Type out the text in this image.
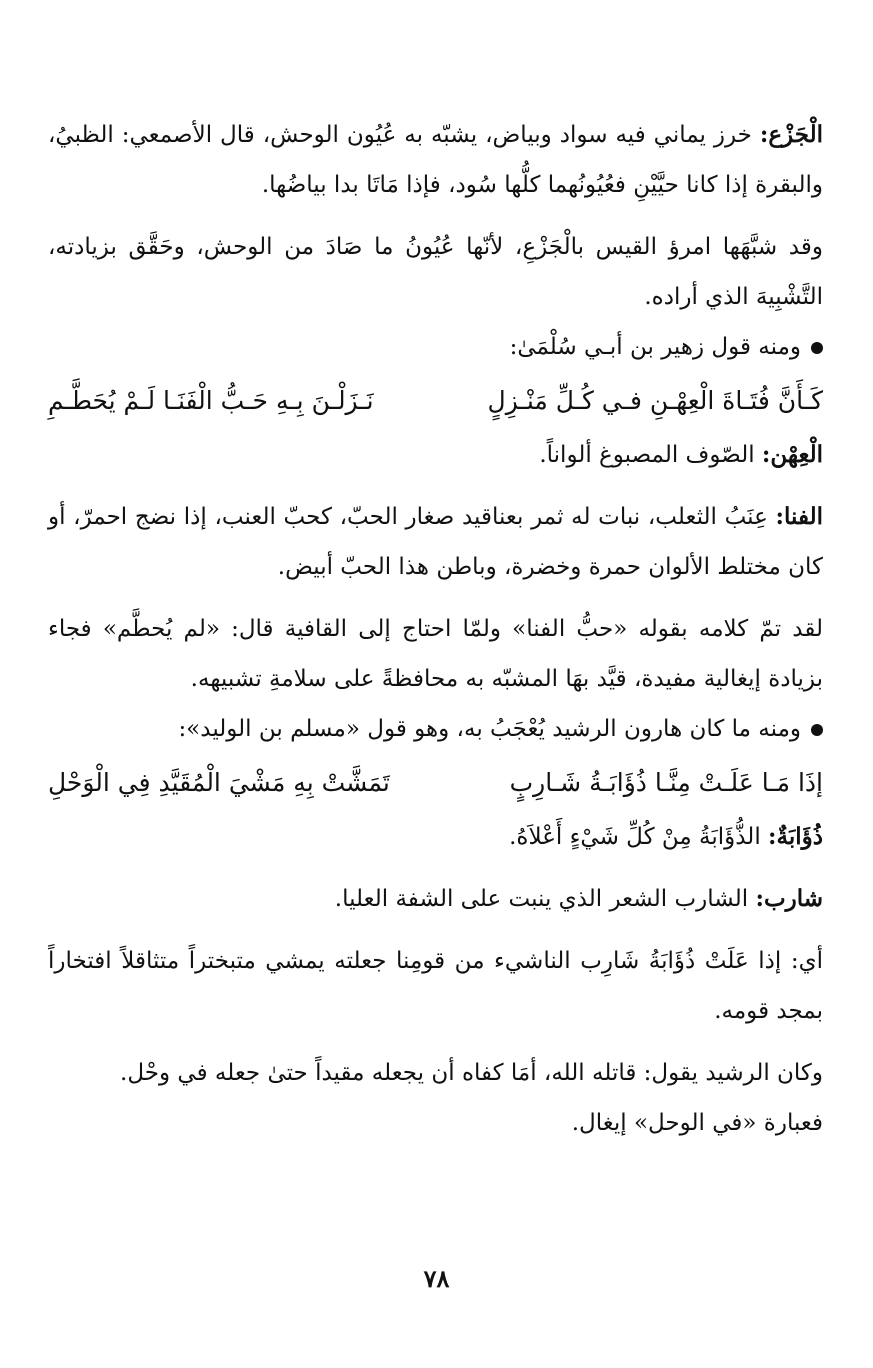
الْجَزْع: خرز يماني فيه سواد وبياض، يشبّه به عُيُون الوحش، قال الأصمعي: الظبيُ، والبقرة إذا كانا حيَّيْنِ فعُيُونُهما كلُّها سُود، فإذا مَاتَا بدا بياضُها.

وقد شبَّهَها امرؤ القيس بالْجَزْعِ، لأنّها عُيُونُ ما صَادَ من الوحش، وحَقَّق بزيادته، التَّشْبِيهَ الذي أراده.

ومنه قول زهير بن أبـي سُلْمَىٰ:

كَـأَنَّ فُتَـاةَ الْعِهْـنِ فـي كُـلِّ مَنْـزِلٍ
نَـزَلْـنَ بِـهِ حَـبُّ الْفَنَـا لَـمْ يُحَطَّـمِ

الْعِهْن: الصّوف المصبوغ ألواناً.

الفنا: عِنَبُ الثعلب، نبات له ثمر بعناقيد صغار الحبّ، كحبّ العنب، إذا نضج احمرّ، أو كان مختلط الألوان حمرة وخضرة، وباطن هذا الحبّ أبيض.

لقد تمّ كلامه بقوله «حبُّ الفنا» ولمّا احتاج إلى القافية قال: «لم يُحطَّم» فجاء بزيادة إيغالية مفيدة، قيَّد بهَا المشبّه به محافظةً على سلامةِ تشبيهه.

ومنه ما كان هارون الرشيد يُعْجَبُ به، وهو قول «مسلم بن الوليد»:

إذَا مَـا عَلَـتْ مِنَّـا ذُؤَابَـةُ شَـارِبٍ
تَمَشَّتْ بِهِ مَشْيَ الْمُقَيَّدِ فِي الْوَحْلِ

ذُؤَابَةٌ: الذُّؤَابَةُ مِنْ كُلِّ شَيْءٍ أَعْلاَهُ.

شارب: الشارب الشعر الذي ينبت على الشفة العليا.

أي: إذا عَلَتْ ذُؤَابَةُ شَارِب الناشيء من قومِنا جعلته يمشي متبختراً متثاقلاً افتخاراً بمجد قومه.

وكان الرشيد يقول: قاتله الله، أمَا كفاه أن يجعله مقيداً حتىٰ جعله في وحْل.

فعبارة «في الوحل» إيغال.

٧٨
